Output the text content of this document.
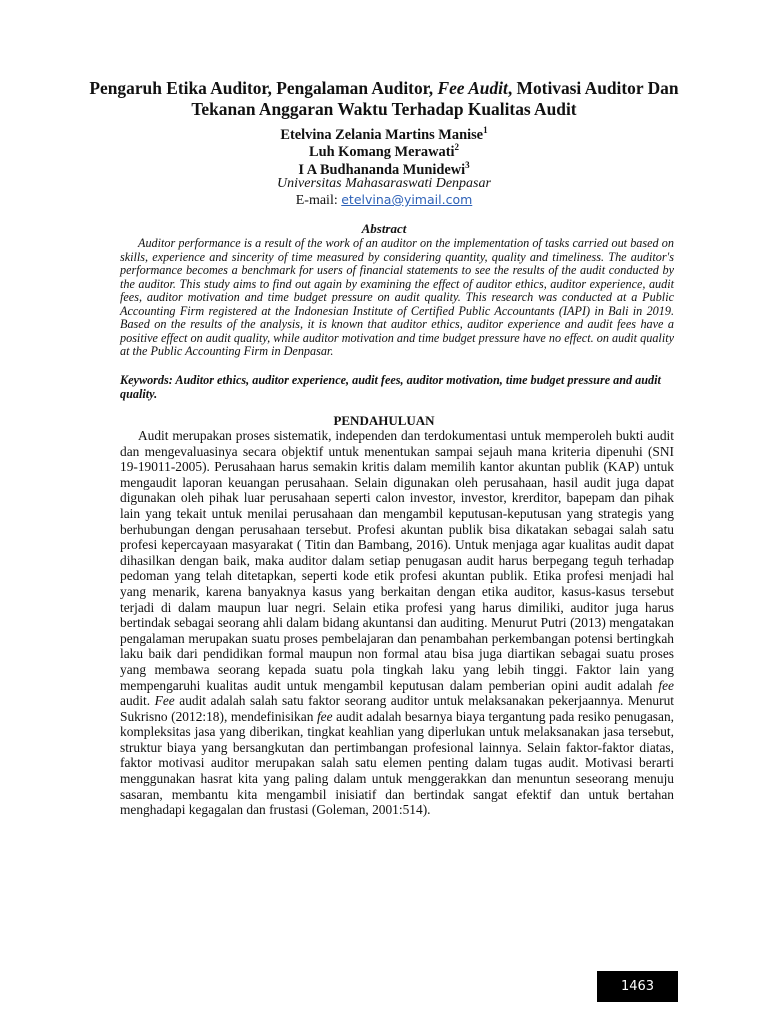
Pengaruh Etika Auditor, Pengalaman Auditor, Fee Audit, Motivasi Auditor Dan Tekanan Anggaran Waktu Terhadap Kualitas Audit
Etelvina Zelania Martins Manise$^1$
Luh Komang Merawati$^2$
I A Budhananda Munidewi$^3$
Universitas Mahasaraswati Denpasar
E-mail: etelvina@yimail.com
Abstract
Auditor performance is a result of the work of an auditor on the implementation of tasks carried out based on skills, experience and sincerity of time measured by considering quantity, quality and timeliness. The auditor's performance becomes a benchmark for users of financial statements to see the results of the audit conducted by the auditor. This study aims to find out again by examining the effect of auditor ethics, auditor experience, audit fees, auditor motivation and time budget pressure on audit quality. This research was conducted at a Public Accounting Firm registered at the Indonesian Institute of Certified Public Accountants (IAPI) in Bali in 2019. Based on the results of the analysis, it is known that auditor ethics, auditor experience and audit fees have a positive effect on audit quality, while auditor motivation and time budget pressure have no effect. on audit quality at the Public Accounting Firm in Denpasar.
Keywords: Auditor ethics, auditor experience, audit fees, auditor motivation, time budget pressure and audit quality.
PENDAHULUAN
Audit merupakan proses sistematik, independen dan terdokumentasi untuk memperoleh bukti audit dan mengevaluasinya secara objektif untuk menentukan sampai sejauh mana kriteria dipenuhi (SNI 19-19011-2005). Perusahaan harus semakin kritis dalam memilih kantor akuntan publik (KAP) untuk mengaudit laporan keuangan perusahaan. Selain digunakan oleh perusahaan, hasil audit juga dapat digunakan oleh pihak luar perusahaan seperti calon investor, investor, krerditor, bapepam dan pihak lain yang tekait untuk menilai perusahaan dan mengambil keputusan-keputusan yang strategis yang berhubungan dengan perusahaan tersebut. Profesi akuntan publik bisa dikatakan sebagai salah satu profesi kepercayaan masyarakat ( Titin dan Bambang, 2016). Untuk menjaga agar kualitas audit dapat dihasilkan dengan baik, maka auditor dalam setiap penugasan audit harus berpegang teguh terhadap pedoman yang telah ditetapkan, seperti kode etik profesi akuntan publik. Etika profesi menjadi hal yang menarik, karena banyaknya kasus yang berkaitan dengan etika auditor, kasus-kasus tersebut terjadi di dalam maupun luar negri. Selain etika profesi yang harus dimiliki, auditor juga harus bertindak sebagai seorang ahli dalam bidang akuntansi dan auditing. Menurut Putri (2013) mengatakan pengalaman merupakan suatu proses pembelajaran dan penambahan perkembangan potensi bertingkah laku baik dari pendidikan formal maupun non formal atau bisa juga diartikan sebagai suatu proses yang membawa seorang kepada suatu pola tingkah laku yang lebih tinggi. Faktor lain yang mempengaruhi kualitas audit untuk mengambil keputusan dalam pemberian opini audit adalah fee audit. Fee audit adalah salah satu faktor seorang auditor untuk melaksanakan pekerjaannya. Menurut Sukrisno (2012:18), mendefinisikan fee audit adalah besarnya biaya tergantung pada resiko penugasan, kompleksitas jasa yang diberikan, tingkat keahlian yang diperlukan untuk melaksanakan jasa tersebut, struktur biaya yang bersangkutan dan pertimbangan profesional lainnya. Selain faktor-faktor diatas, faktor motivasi auditor merupakan salah satu elemen penting dalam tugas audit. Motivasi berarti menggunakan hasrat kita yang paling dalam untuk menggerakkan dan menuntun seseorang menuju sasaran, membantu kita mengambil inisiatif dan bertindak sangat efektif dan untuk bertahan menghadapi kegagalan dan frustasi (Goleman, 2001:514).
1463
